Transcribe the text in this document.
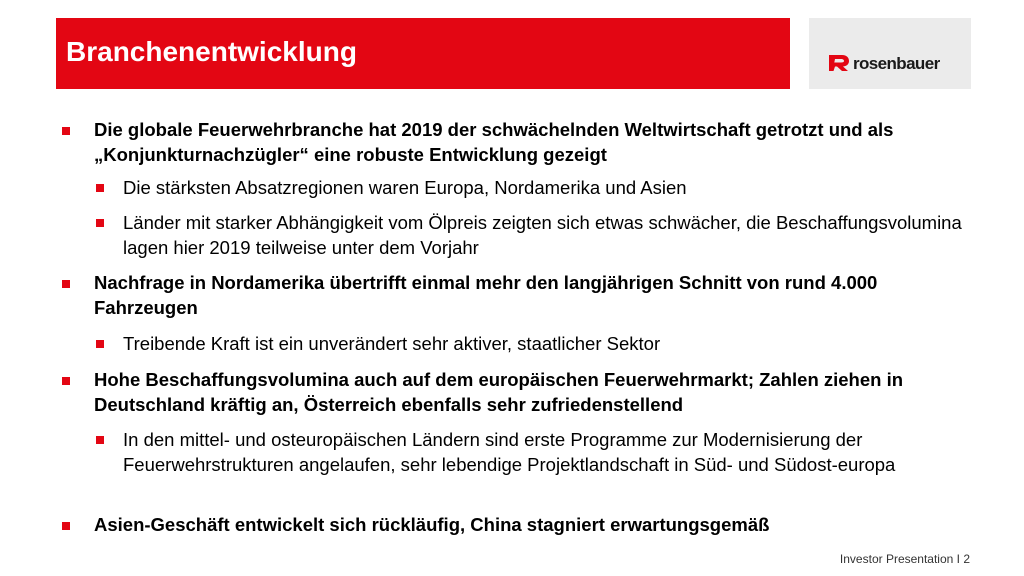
Branchenentwicklung	rosenbauer
Die globale Feuerwehrbranche hat 2019 der schwächelnden Weltwirtschaft getrotzt und als „Konjunkturnachzügler“ eine robuste Entwicklung gezeigt
Die stärksten Absatzregionen waren Europa, Nordamerika und Asien
Länder mit starker Abhängigkeit vom Ölpreis zeigten sich etwas schwächer, die Beschaffungsvolumina lagen hier 2019 teilweise unter dem Vorjahr
Nachfrage in Nordamerika übertrifft einmal mehr den langjährigen Schnitt von rund 4.000 Fahrzeugen
Treibende Kraft ist ein unverändert sehr aktiver, staatlicher Sektor
Hohe Beschaffungsvolumina auch auf dem europäischen Feuerwehrmarkt; Zahlen ziehen in Deutschland kräftig an, Österreich ebenfalls sehr zufriedenstellend
In den mittel- und osteuropäischen Ländern sind erste Programme zur Modernisierung der Feuerwehrstrukturen angelaufen, sehr lebendige Projektlandschaft in Süd- und Südost-europa
Asien-Geschäft entwickelt sich rückläufig, China stagniert erwartungsgemäß
Investor Presentation I 2
